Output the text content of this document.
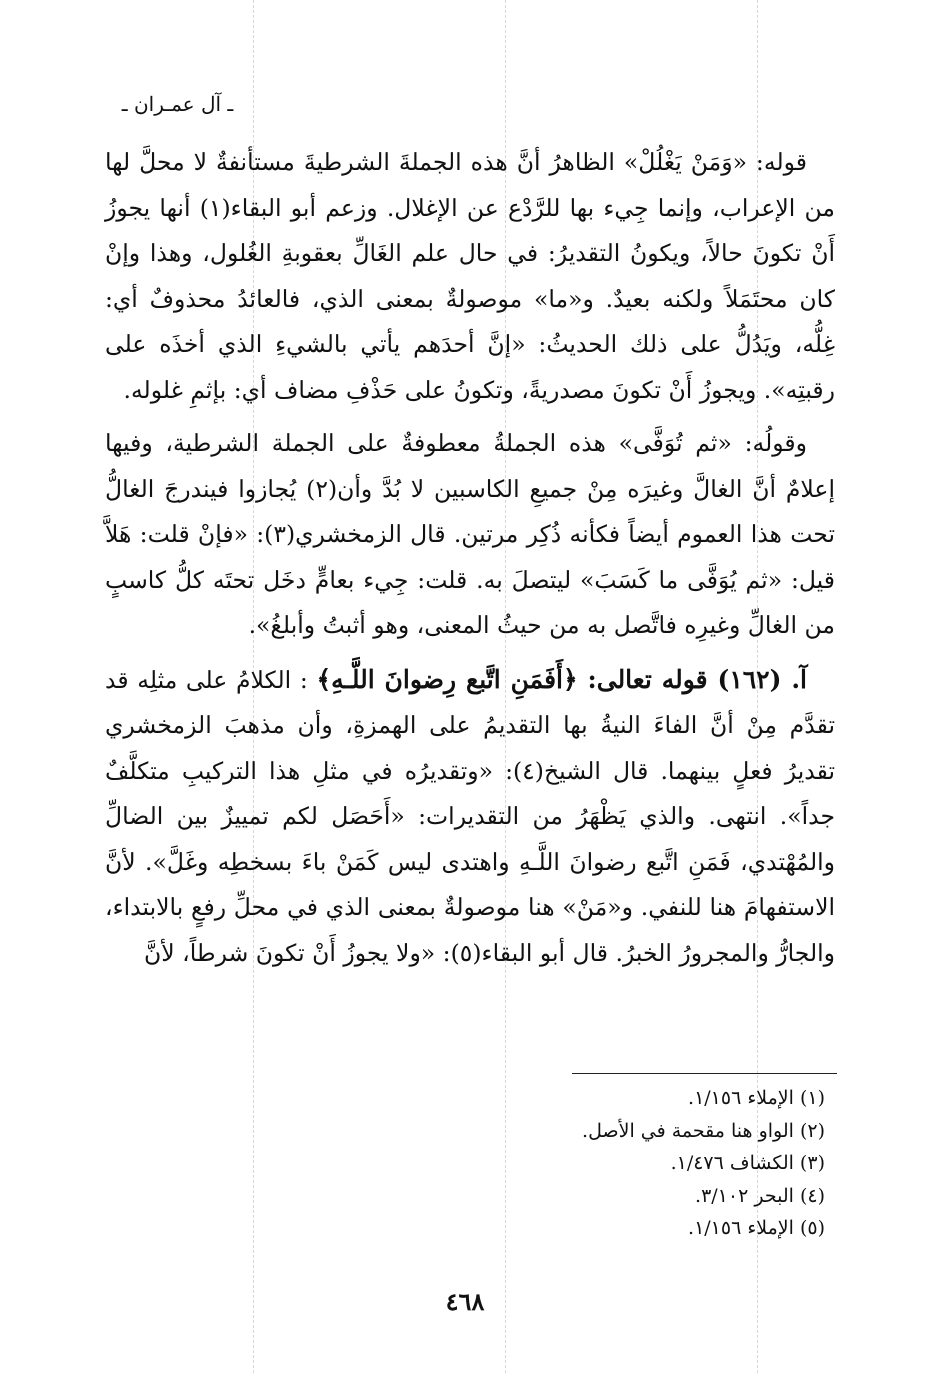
ـ آل عمـران ـ

قوله: «وَمَنْ يَغْلُلْ» الظاهرُ أنَّ هذه الجملةَ الشرطيةَ مستأنفةٌ لا محلَّ لها من الإعراب، وإنما جِيء بها للرَّدْع عن الإغلال. وزعم أبو البقاء(١) أنها يجوزُ أَنْ تكونَ حالاً، ويكونُ التقديرُ: في حال علم الغَالِّ بعقوبةِ الغُلول، وهذا وإنْ كان محتَمَلاً ولكنه بعيدٌ. و«ما» موصولةٌ بمعنى الذي، فالعائدُ محذوفٌ أي: غِلُّه، ويَدُلُّ على ذلك الحديثُ: «إنَّ أحدَهم يأتي بالشيءِ الذي أخذَه على رقبتِه». ويجوزُ أَنْ تكونَ مصدريةً، وتكونُ على حَذْفِ مضاف أي: بإثمِ غلوله.

وقولُه: «ثم تُوَفَّى» هذه الجملةُ معطوفةٌ على الجملة الشرطية، وفيها إعلامٌ أنَّ الغالَّ وغيرَه مِنْ جميعِ الكاسبين لا بُدَّ وأن(٢) يُجازوا فيندرجَ الغالُّ تحت هذا العموم أيضاً فكأنه ذُكِر مرتين. قال الزمخشري(٣): «فإنْ قلت: هَلاَّ قيل: «ثم يُوَفَّى ما كَسَبَ» ليتصلَ به. قلت: جِيء بعامٍّ دخَل تحتَه كلُّ كاسبٍ من الغالِّ وغيرِه فاتَّصل به من حيثُ المعنى، وهو أثبتُ وأبلغُ».

آ. (١٦٢) قوله تعالى: ﴿أَفَمَنِ اتَّبع رِضوانَ اللَّـهِ﴾ : الكلامُ على مثلِه قد تقدَّم مِنْ أنَّ الفاءَ النيةُ بها التقديمُ على الهمزةِ، وأن مذهبَ الزمخشري تقديرُ فعلٍ بينهما. قال الشيخ(٤): «وتقديرُه في مثلِ هذا التركيبِ متكلَّفٌ جداً». انتهى. والذي يَظْهَرُ من التقديرات: «أَحَصَل لكم تمييزٌ بين الضالِّ والمُهْتدي، فَمَنِ اتَّبع رضوانَ اللَّـهِ واهتدى ليس كَمَنْ باءَ بسخطِه وغَلَّ». لأنَّ الاستفهامَ هنا للنفي. و«مَنْ» هنا موصولةٌ بمعنى الذي في محلِّ رفعٍ بالابتداء، والجارُّ والمجرورُ الخبرُ. قال أبو البقاء(٥): «ولا يجوزُ أَنْ تكونَ شرطاً، لأنَّ

(١) الإملاء ١/١٥٦.
(٢) الواو هنا مقحمة في الأصل.
(٣) الكشاف ١/٤٧٦.
(٤) البحر ٣/١٠٢.
(٥) الإملاء ١/١٥٦.
٤٦٨
